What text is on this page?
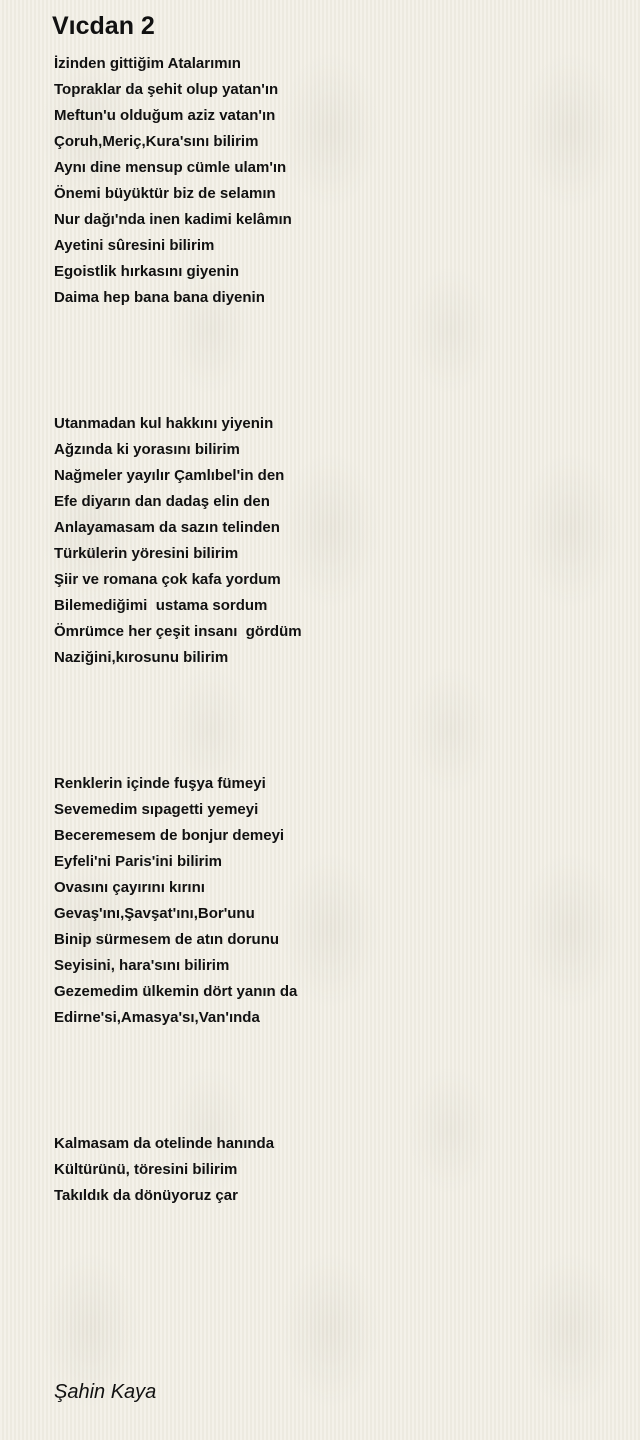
Vıcdan 2
İzinden gittiğim Atalarımın
Topraklar da şehit olup yatan'ın
Meftun'u olduğum aziz vatan'ın
Çoruh,Meriç,Kura'sını bilirim
Aynı dine mensup cümle ulam'ın
Önemi büyüktür biz de selamın
Nur dağı'nda inen kadimi kelâmın
Ayetini sûresini bilirim
Egoistlik hırkasını giyenin
Daima hep bana bana diyenin
Utanmadan kul hakkını yiyenin
Ağzında ki yorasını bilirim
Nağmeler yayılır Çamlıbel'in den
Efe diyarın dan dadaş elin den
Anlayamasam da sazın telinden
Türkülerin yöresini bilirim
Şiir ve romana çok kafa yordum
Bilemediğimi  ustama sordum
Ömrümce her çeşit insanı  gördüm
Naziğini,kırosunu bilirim
Renklerin içinde fuşya fümeyi
Sevemedim sıpagetti yemeyi
Beceremesem de bonjur demeyi
Eyfeli'ni Paris'ini bilirim
Ovasını çayırını kırını
Gevaş'ını,Şavşat'ını,Bor'unu
Binip sürmesem de atın dorunu
Seyisini, hara'sını bilirim
Gezemedim ülkemin dört yanın da
Edirne'si,Amasya'sı,Van'ında
Kalmasam da otelinde hanında
Kültürünü, töresini bilirim
Takıldık da dönüyoruz çar
Şahin Kaya
